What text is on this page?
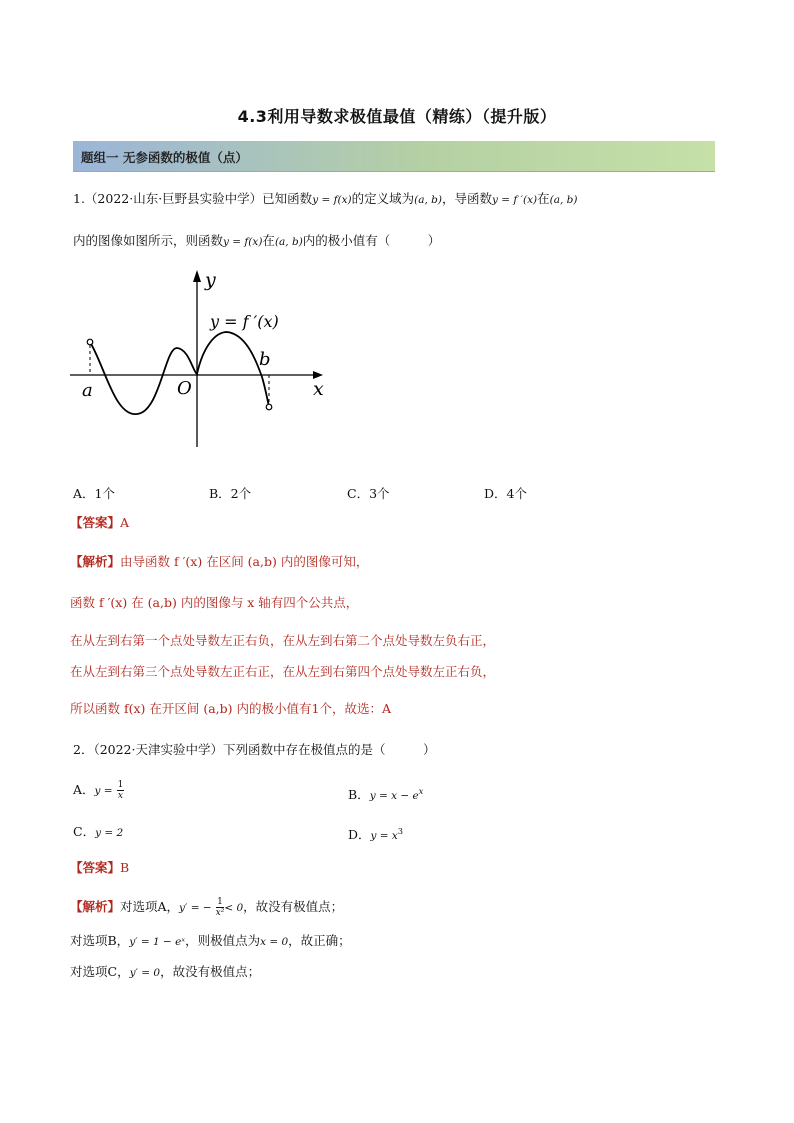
4.3利用导数求极值最值（精练）（提升版）
题组一 无参函数的极值（点）
1.（2022·山东·巨野县实验中学）已知函数y = f(x)的定义域为(a, b)，导函数y = f ′(x)在(a, b)
内的图像如图所示，则函数y = f(x)在(a, b)内的极小值有（　　　）
y
x
O
a
b
y = f ′(x)
A．1个	B．2个	C．3个	D．4个
【答案】A
【解析】由导函数 f ′(x) 在区间 (a,b) 内的图像可知，
函数 f ′(x) 在 (a,b) 内的图像与 x 轴有四个公共点，
在从左到右第一个点处导数左正右负，在从左到右第二个点处导数左负右正，
在从左到右第三个点处导数左正右正，在从左到右第四个点处导数左正右负，
所以函数 f(x) 在开区间 (a,b) 内的极小值有1个，故选：A
2．（2022·天津实验中学）下列函数中存在极值点的是（　　　）
A．$y = \frac{1}{x}$	B．$y = x - e^x$
C．y = 2	D．$y = x^3$
【答案】B
【解析】对选项A，y′ = − $\frac{1}{\text{x²}} < 0$，故没有极值点；
对选项B，y′ = 1 − eˣ，则极值点为x = 0，故正确；
对选项C，y′ = 0，故没有极值点；
